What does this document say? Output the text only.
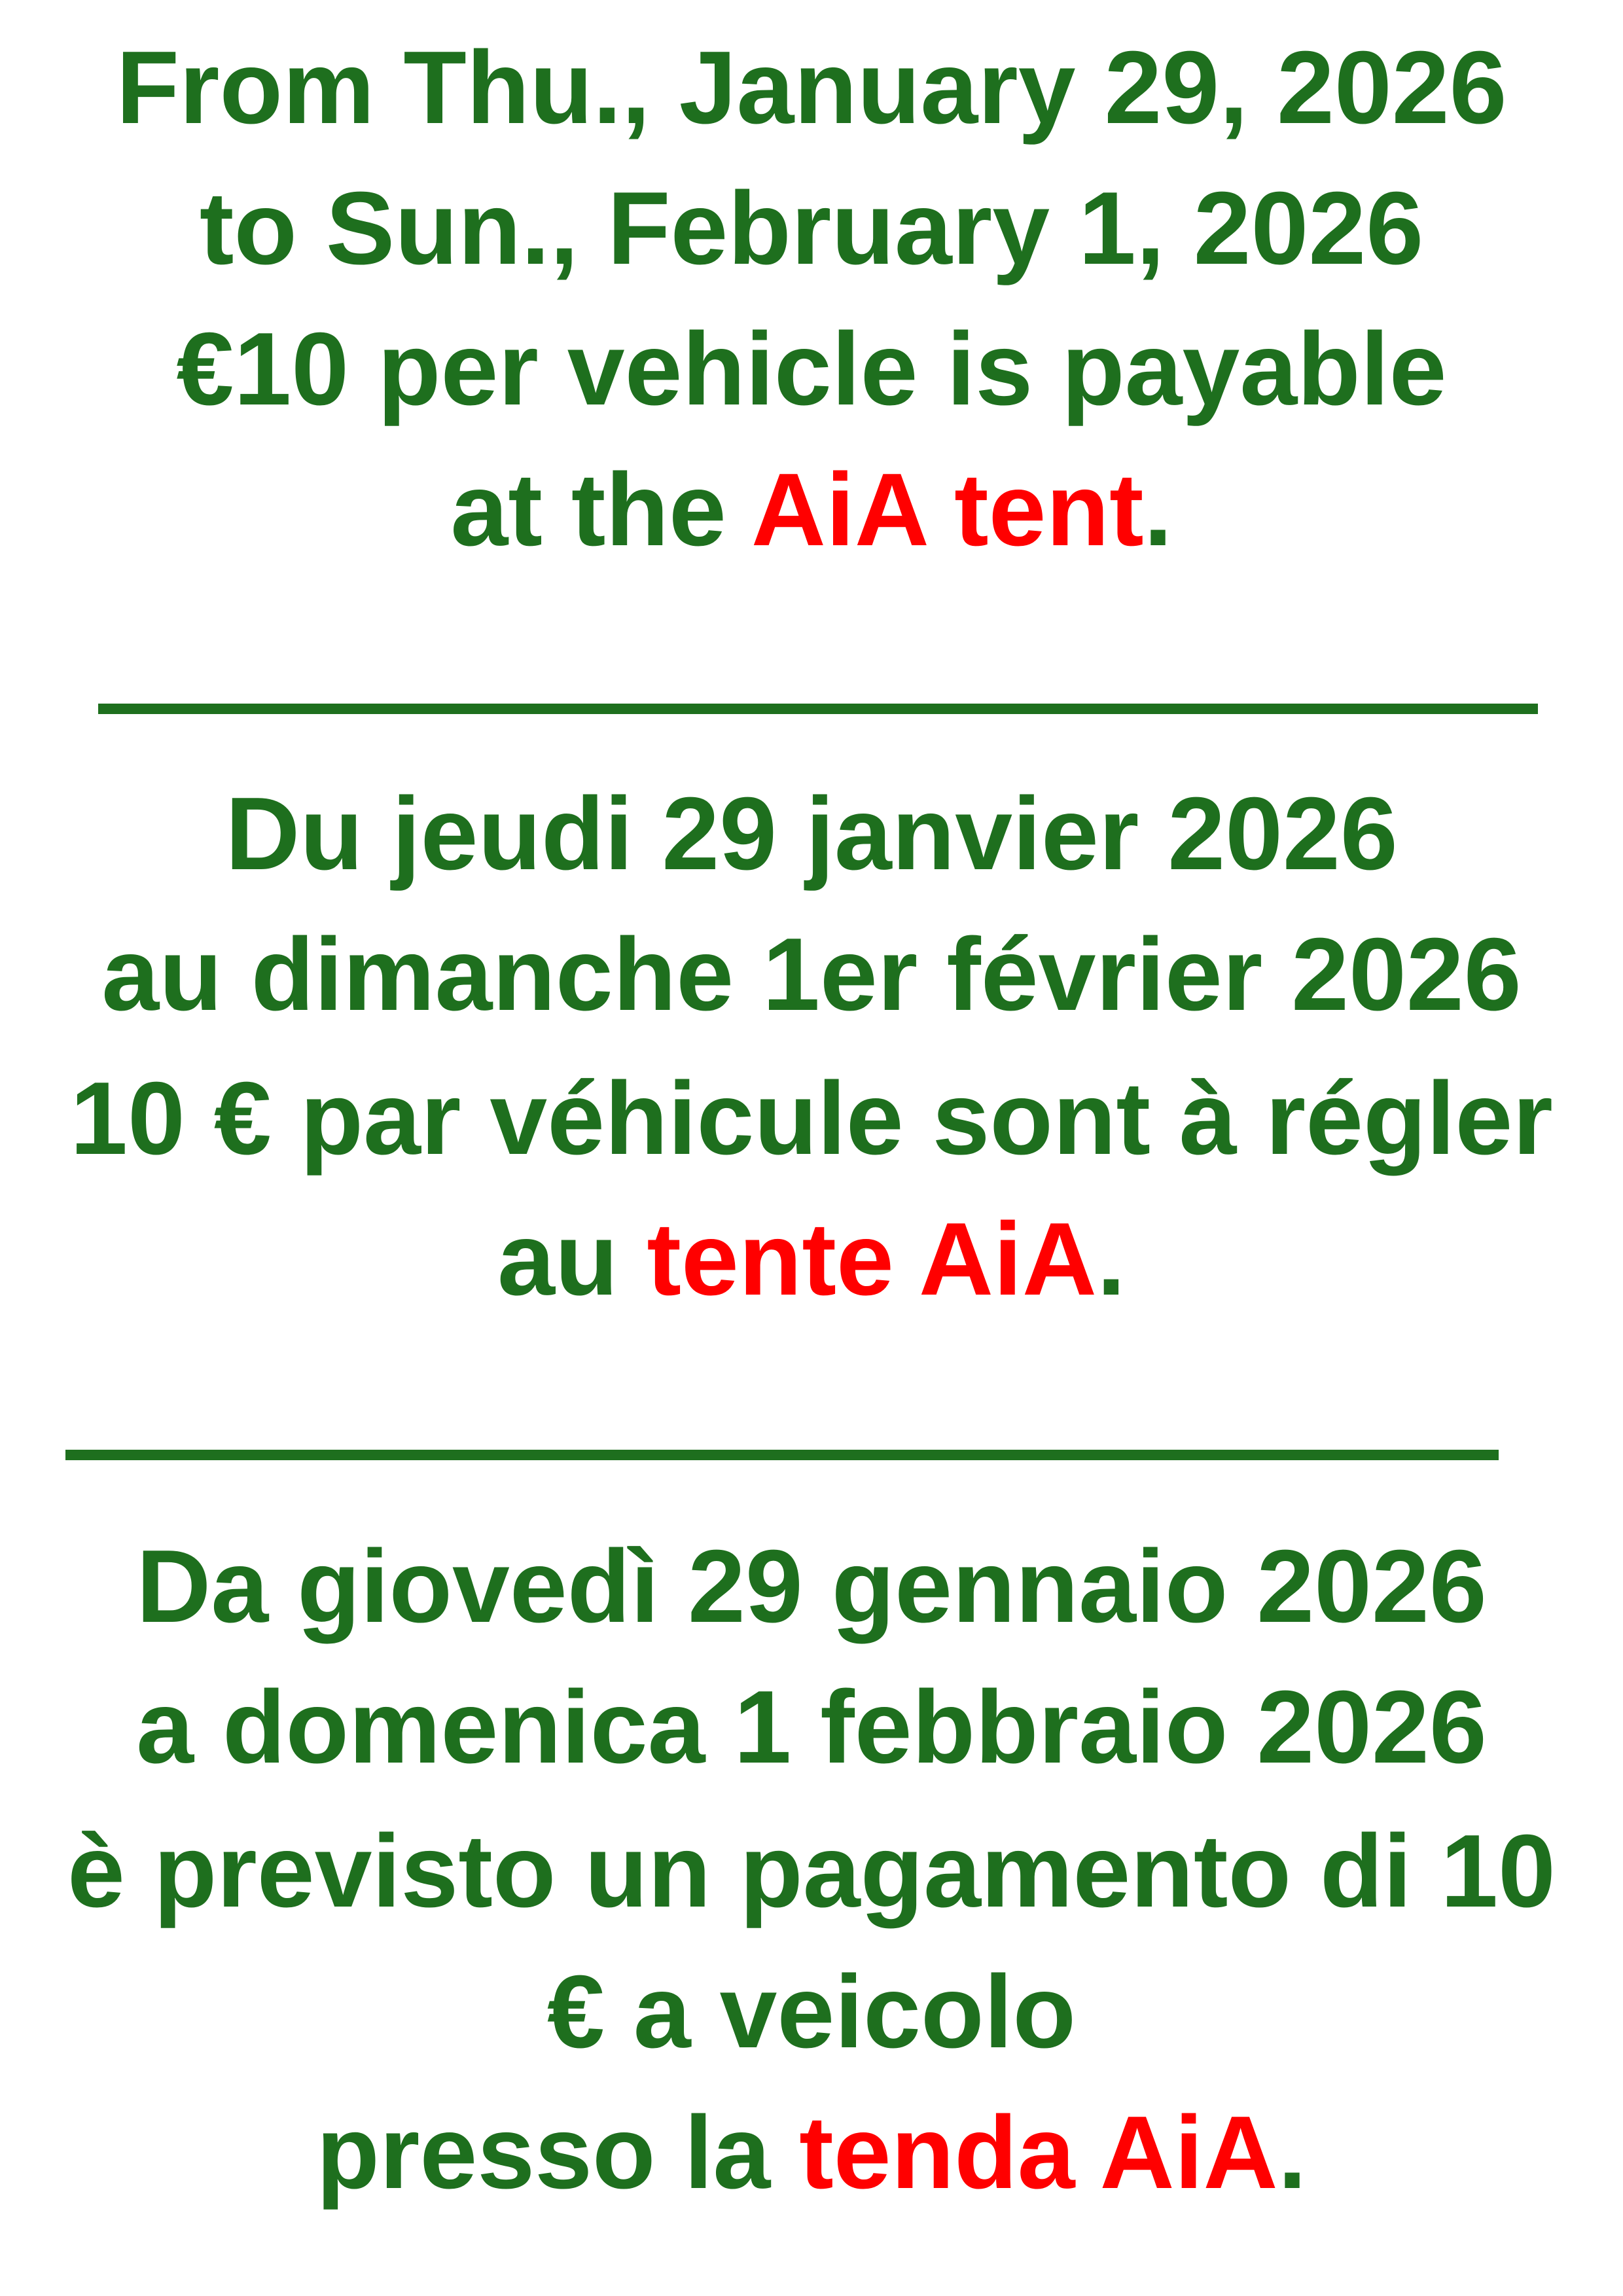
From Thu., January 29, 2026
to Sun., February 1, 2026
€10 per vehicle is payable
at the AiA tent.
Du jeudi 29 janvier 2026
au dimanche 1er février 2026
10 € par véhicule sont à régler
au tente AiA.
Da giovedì 29 gennaio 2026
a domenica 1 febbraio 2026
è previsto un pagamento di 10
€ a veicolo
presso la tenda AiA.
